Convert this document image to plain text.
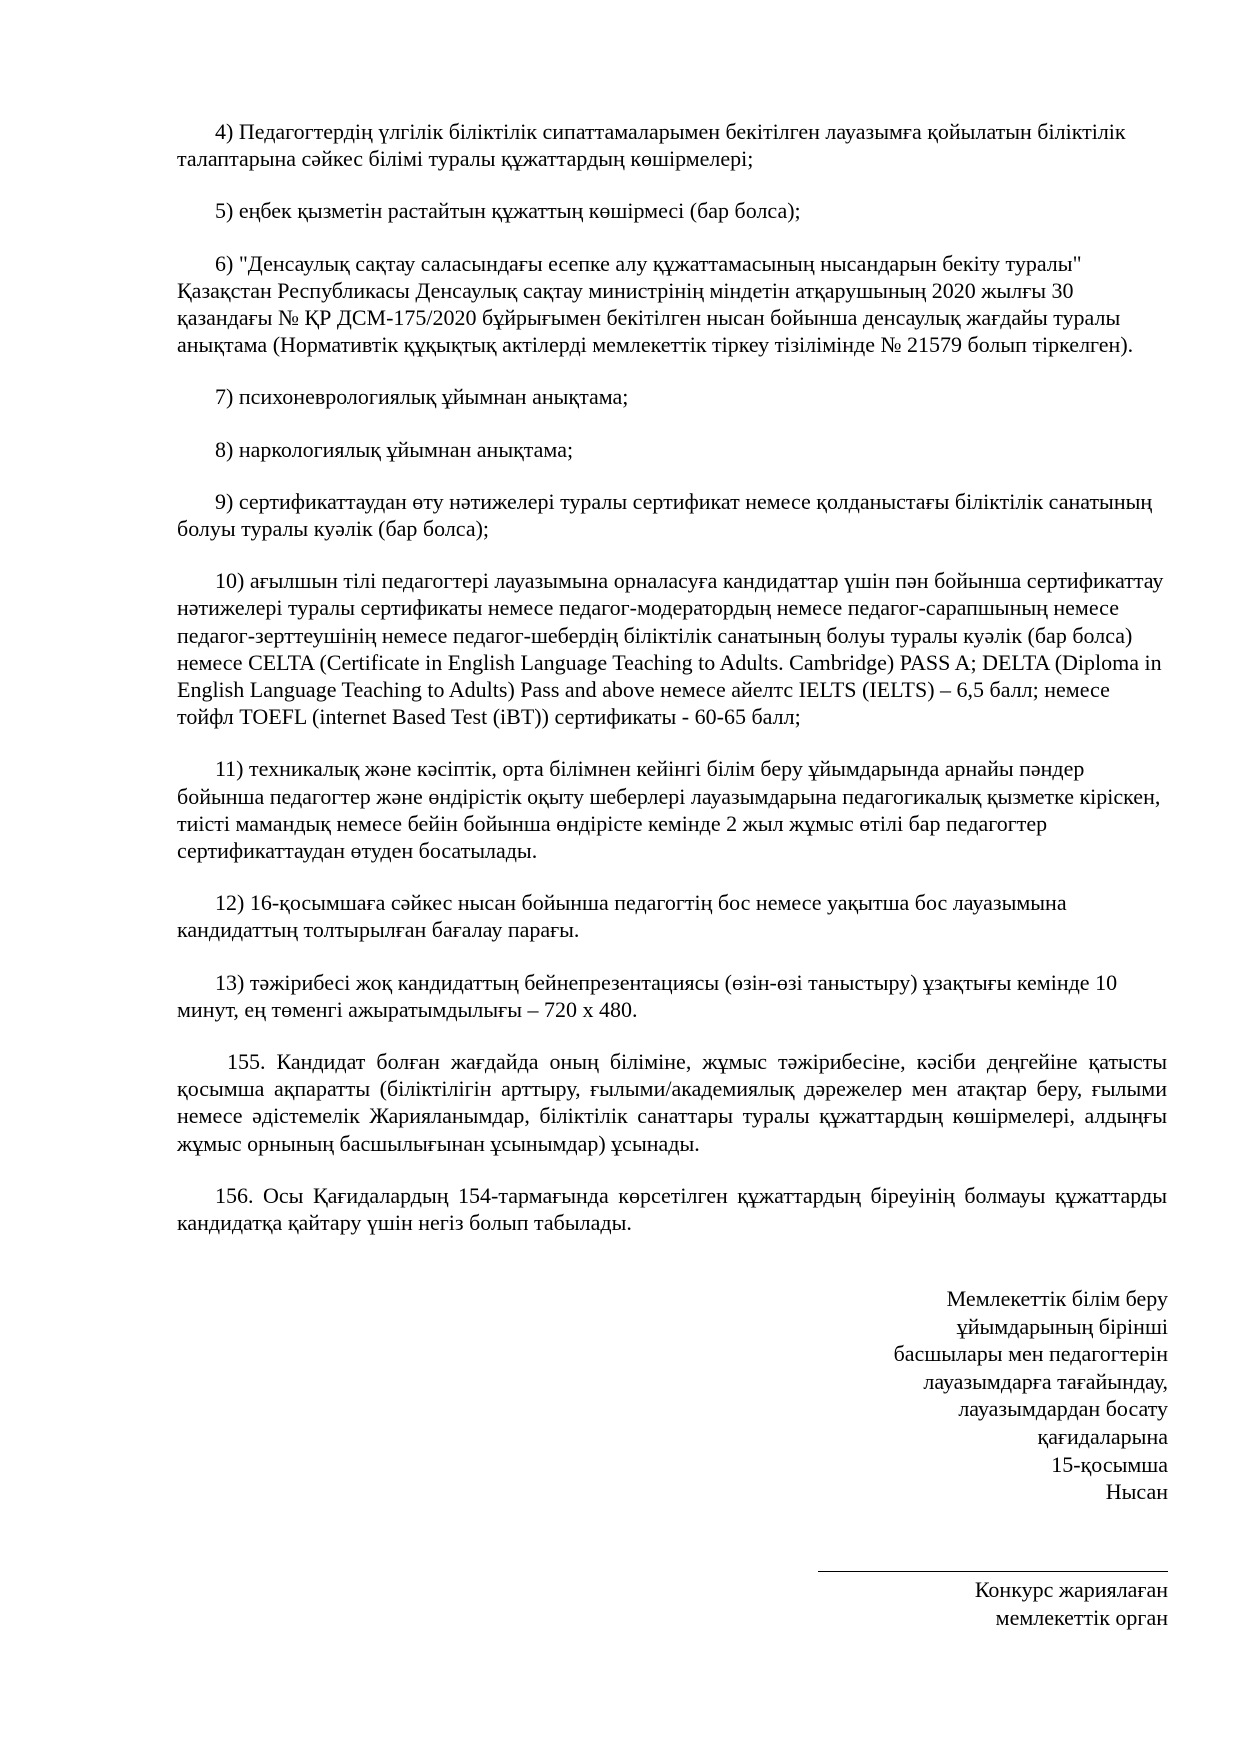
4) Педагогтердің үлгілік біліктілік сипаттамаларымен бекітілген лауазымға қойылатын біліктілік талаптарына сәйкес білімі туралы құжаттардың көшірмелері;

5) еңбек қызметін растайтын құжаттың көшірмесі (бар болса);

6) "Денсаулық сақтау саласындағы есепке алу құжаттамасының нысандарын бекіту туралы" Қазақстан Республикасы Денсаулық сақтау министрінің міндетін атқарушының 2020 жылғы 30 қазандағы № ҚР ДСМ-175/2020 бұйрығымен бекітілген нысан бойынша денсаулық жағдайы туралы анықтама (Нормативтік құқықтық актілерді мемлекеттік тіркеу тізілімінде № 21579 болып тіркелген).

7) психоневрологиялық ұйымнан анықтама;

8) наркологиялық ұйымнан анықтама;

9) сертификаттаудан өту нәтижелері туралы сертификат немесе қолданыстағы біліктілік санатының болуы туралы куәлік (бар болса);

10) ағылшын тілі педагогтері лауазымына орналасуға кандидаттар үшін пән бойынша сертификаттау нәтижелері туралы сертификаты немесе педагог-модератордың немесе педагог-сарапшының немесе педагог-зерттеушінің немесе педагог-шебердің біліктілік санатының болуы туралы куәлік (бар болса) немесе CELTA (Certificate in English Language Teaching to Adults. Cambridge) PASS A; DELTA (Diploma in English Language Teaching to Adults) Pass and above немесе айелтс IELTS (IELTS) – 6,5 балл; немесе тойфл TOEFL (internet Based Test (iBT)) сертификаты - 60-65 балл;

11) техникалық және кәсіптік, орта білімнен кейінгі білім беру ұйымдарында арнайы пәндер бойынша педагогтер және өндірістік оқыту шеберлері лауазымдарына педагогикалық қызметке кіріскен, тиісті мамандық немесе бейін бойынша өндірісте кемінде 2 жыл жұмыс өтілі бар педагогтер сертификаттаудан өтуден босатылады.

12) 16-қосымшаға сәйкес нысан бойынша педагогтің бос немесе уақытша бос лауазымына кандидаттың толтырылған бағалау парағы.

13) тәжірибесі жоқ кандидаттың бейнепрезентациясы (өзін-өзі таныстыру) ұзақтығы кемінде 10 минут, ең төменгі ажыратымдылығы – 720 x 480.

155. Кандидат болған жағдайда оның біліміне, жұмыс тәжірибесіне, кәсіби деңгейіне қатысты қосымша ақпаратты (біліктілігін арттыру, ғылыми/академиялық дәрежелер мен атақтар беру, ғылыми немесе әдістемелік Жарияланымдар, біліктілік санаттары туралы құжаттардың көшірмелері, алдыңғы жұмыс орнының басшылығынан ұсынымдар) ұсынады.

156. Осы Қағидалардың 154-тармағында көрсетілген құжаттардың біреуінің болмауы құжаттарды кандидатқа қайтару үшін негіз болып табылады.

Мемлекеттік білім беру
ұйымдарының бірінші
басшылары мен педагогтерін
лауазымдарға тағайындау,
лауазымдардан босату
қағидаларына
15-қосымша
Нысан
Конкурс жариялаған
мемлекеттік орган
